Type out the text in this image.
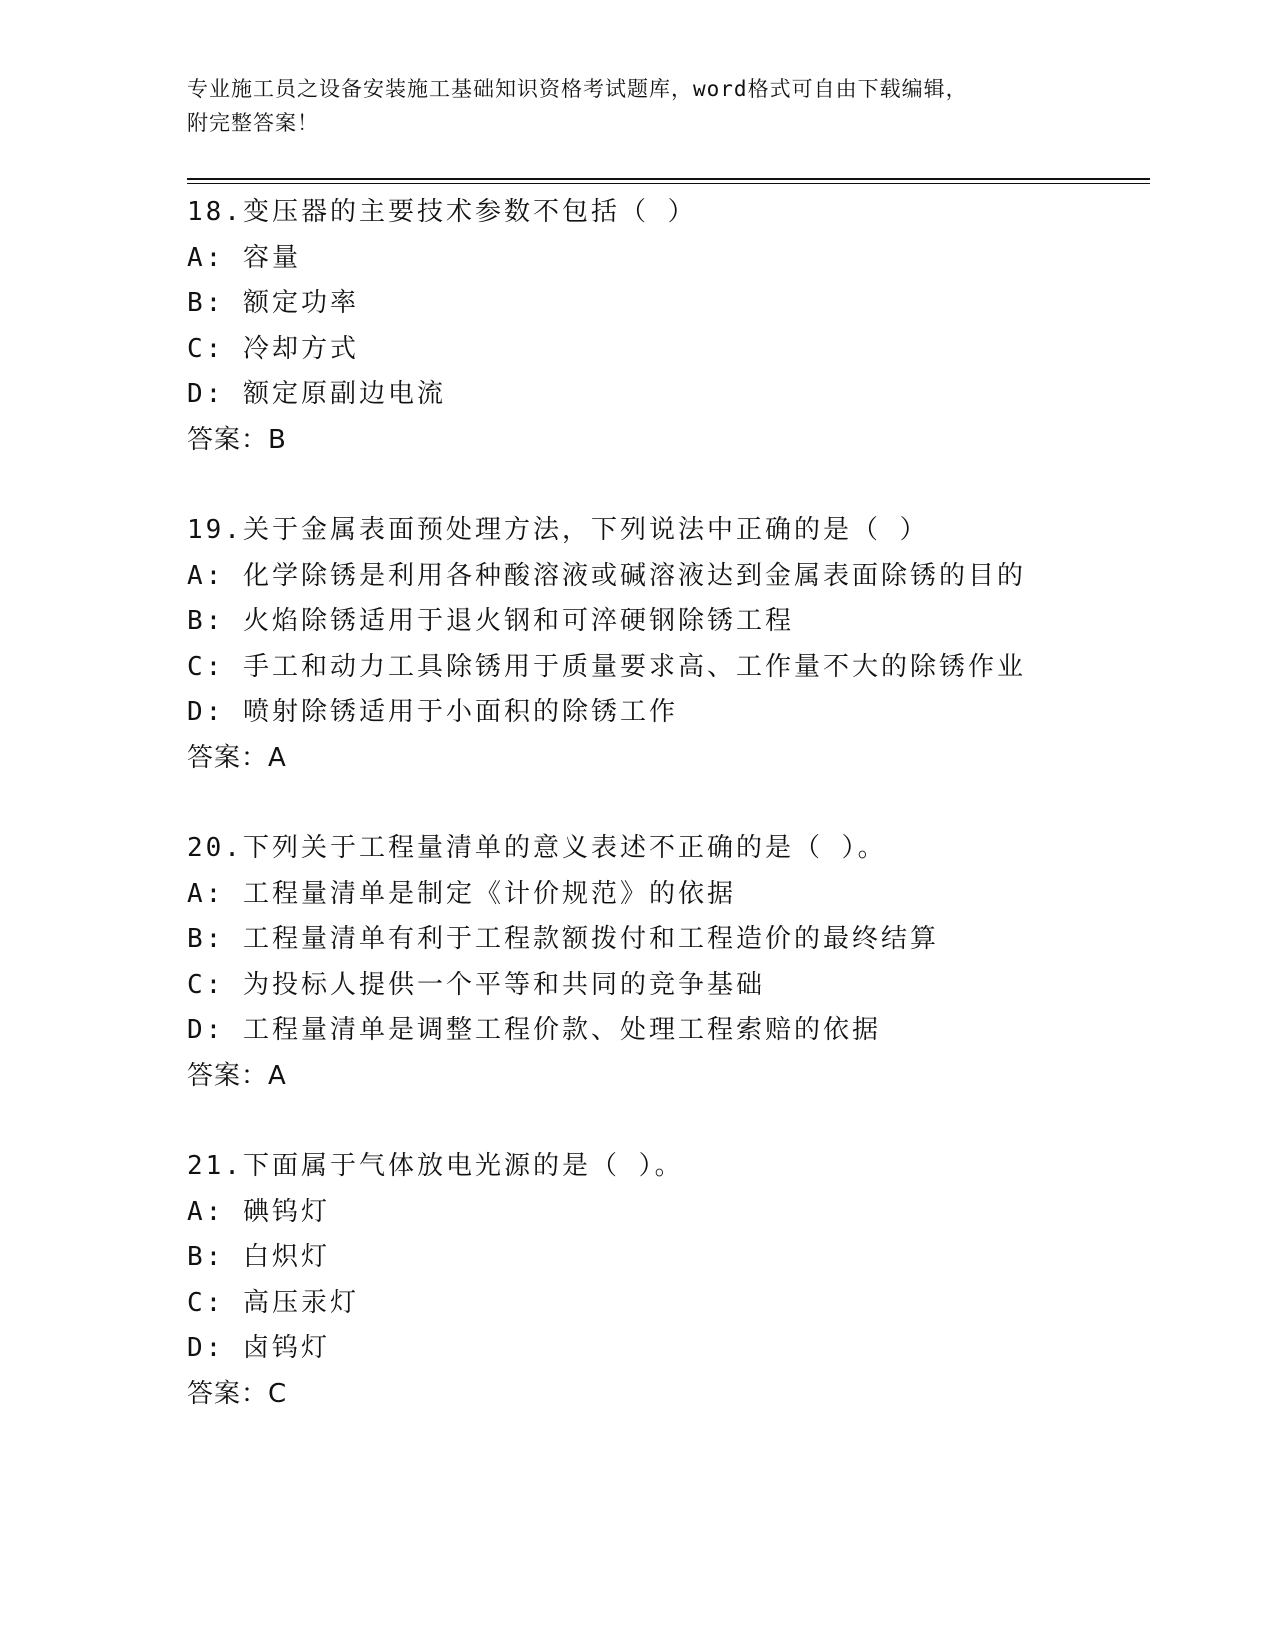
专业施工员之设备安装施工基础知识资格考试题库，word格式可自由下载编辑，
附完整答案！
18.变压器的主要技术参数不包括（ ）
A: 容量
B: 额定功率
C: 冷却方式
D: 额定原副边电流
答案：B
19.关于金属表面预处理方法，下列说法中正确的是（ ）
A: 化学除锈是利用各种酸溶液或碱溶液达到金属表面除锈的目的
B: 火焰除锈适用于退火钢和可淬硬钢除锈工程
C: 手工和动力工具除锈用于质量要求高、工作量不大的除锈作业
D: 喷射除锈适用于小面积的除锈工作
答案：A
20.下列关于工程量清单的意义表述不正确的是（ ）。
A: 工程量清单是制定《计价规范》的依据
B: 工程量清单有利于工程款额拨付和工程造价的最终结算
C: 为投标人提供一个平等和共同的竞争基础
D: 工程量清单是调整工程价款、处理工程索赔的依据
答案：A
21.下面属于气体放电光源的是（ ）。
A: 碘钨灯
B: 白炽灯
C: 高压汞灯
D: 卤钨灯
答案：C
